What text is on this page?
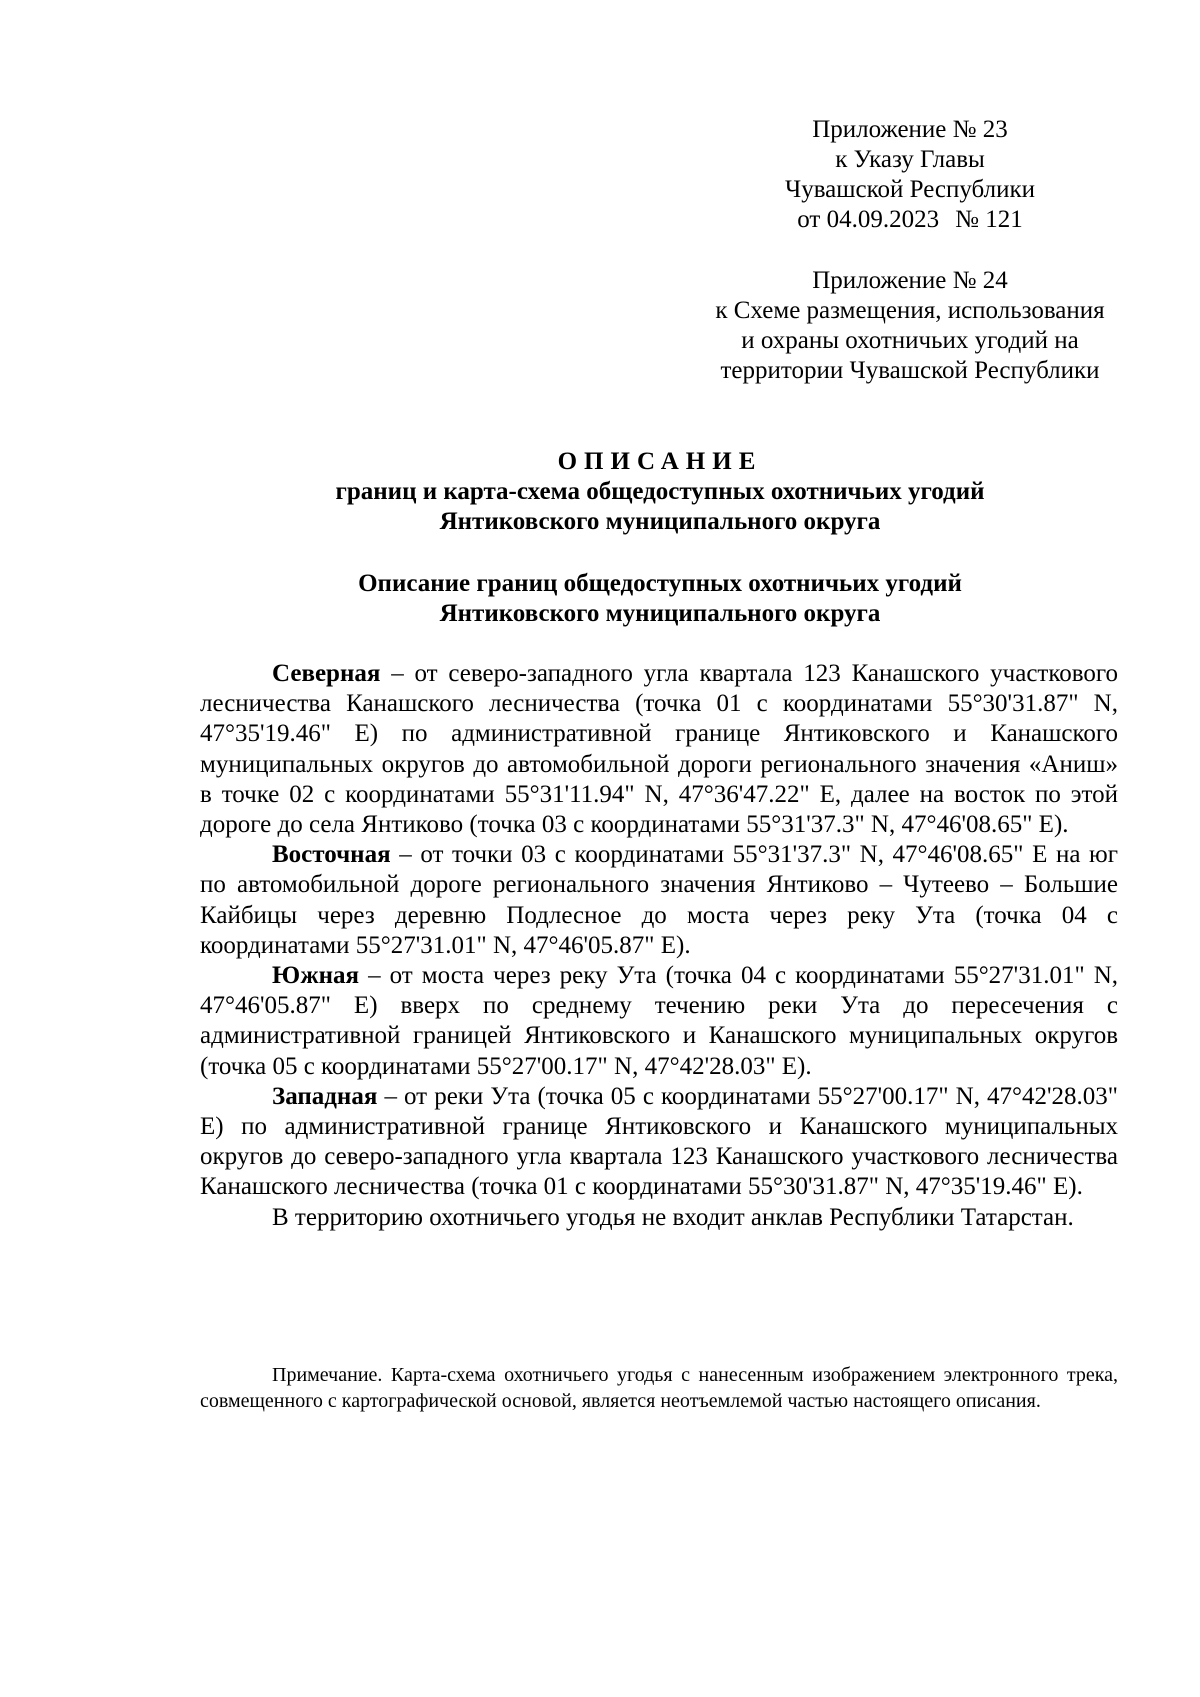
Приложение № 23
к Указу Главы
Чувашской Республики
от 04.09.2023 № 121
Приложение № 24
к Схеме размещения, использования
и охраны охотничьих угодий на
территории Чувашской Республики
ОПИСАНИЕ
границ и карта-схема общедоступных охотничьих угодий
Янтиковского муниципального округа
Описание границ общедоступных охотничьих угодий
Янтиковского муниципального округа

Северная – от северо-западного угла квартала 123 Канашского участкового лесничества Канашского лесничества (точка 01 с координатами 55°30'31.87" N, 47°35'19.46" E) по административной границе Янтиковского и Канашского муниципальных округов до автомобильной дороги регионального значения «Аниш» в точке 02 с координатами 55°31'11.94" N, 47°36'47.22" E, далее на восток по этой дороге до села Янтиково (точка 03 с координатами 55°31'37.3" N, 47°46'08.65" E).

Восточная – от точки 03 с координатами 55°31'37.3" N, 47°46'08.65" E на юг по автомобильной дороге регионального значения Янтиково – Чутеево – Большие Кайбицы через деревню Подлесное до моста через реку Ута (точка 04 с координатами 55°27'31.01" N, 47°46'05.87" E).

Южная – от моста через реку Ута (точка 04 с координатами 55°27'31.01" N, 47°46'05.87" E) вверх по среднему течению реки Ута до пересечения с административной границей Янтиковского и Канашского муниципальных округов (точка 05 с координатами 55°27'00.17" N, 47°42'28.03" E).

Западная – от реки Ута (точка 05 с координатами 55°27'00.17" N, 47°42'28.03" E) по административной границе Янтиковского и Канашского муниципальных округов до северо-западного угла квартала 123 Канашского участкового лесничества Канашского лесничества (точка 01 с координатами 55°30'31.87" N, 47°35'19.46" E).

В территорию охотничьего угодья не входит анклав Республики Татарстан.

Примечание. Карта-схема охотничьего угодья с нанесенным изображением электронного трека, совмещенного с картографической основой, является неотъемлемой частью настоящего описания.
